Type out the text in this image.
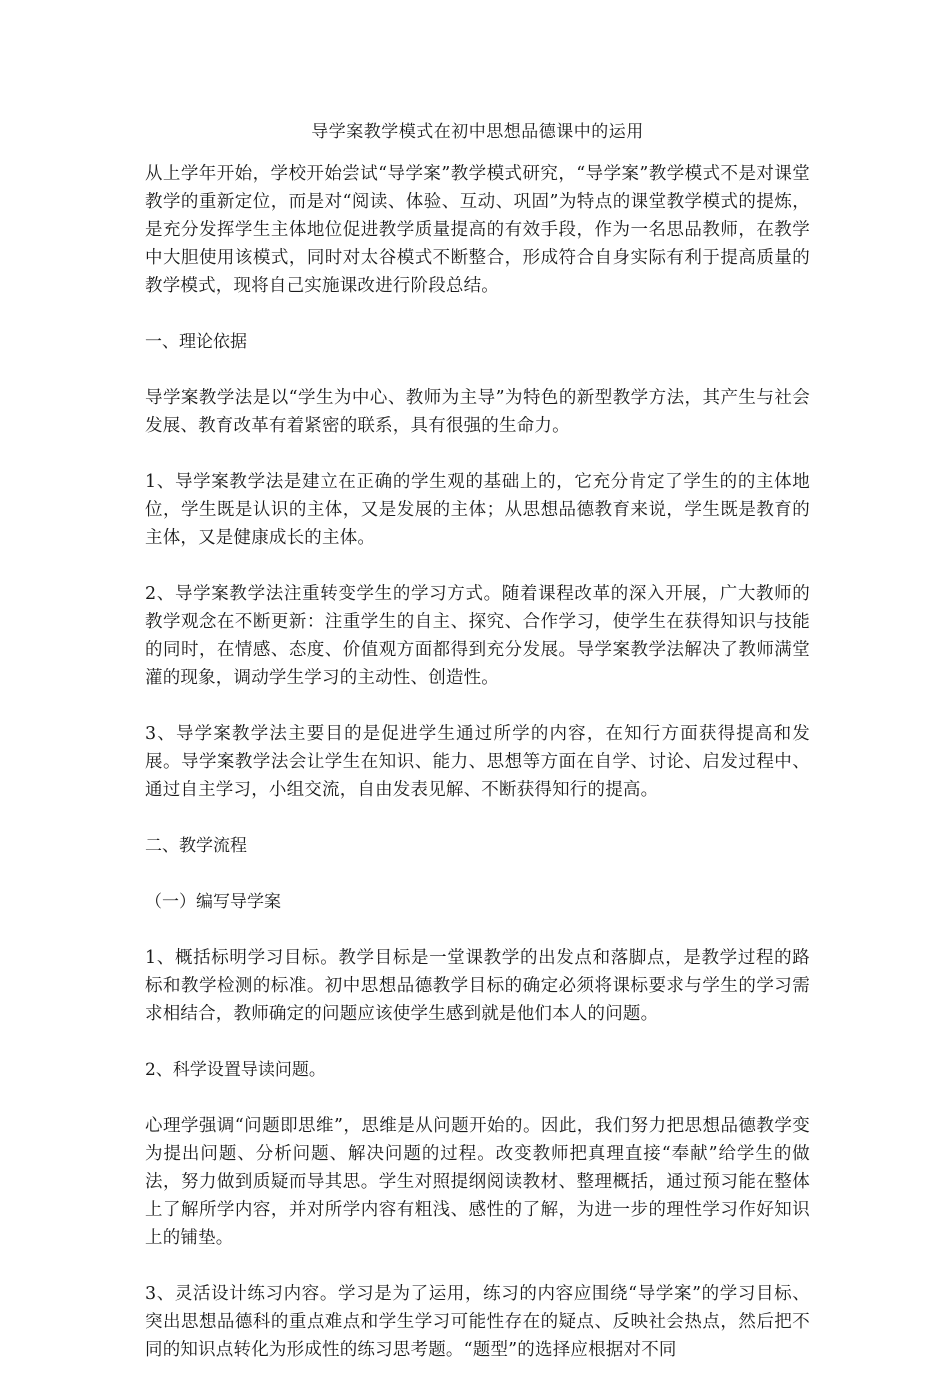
导学案教学模式在初中思想品德课中的运用
从上学年开始，学校开始尝试“导学案”教学模式研究，“导学案”教学模式不是对课堂教学的重新定位，而是对“阅读、体验、互动、巩固”为特点的课堂教学模式的提炼，是充分发挥学生主体地位促进教学质量提高的有效手段，作为一名思品教师，在教学中大胆使用该模式，同时对太谷模式不断整合，形成符合自身实际有利于提高质量的教学模式，现将自己实施课改进行阶段总结。
一、理论依据
导学案教学法是以“学生为中心、教师为主导”为特色的新型教学方法，其产生与社会发展、教育改革有着紧密的联系，具有很强的生命力。
1、导学案教学法是建立在正确的学生观的基础上的，它充分肯定了学生的的主体地位，学生既是认识的主体，又是发展的主体；从思想品德教育来说，学生既是教育的主体，又是健康成长的主体。
2、导学案教学法注重转变学生的学习方式。随着课程改革的深入开展，广大教师的教学观念在不断更新：注重学生的自主、探究、合作学习，使学生在获得知识与技能的同时，在情感、态度、价值观方面都得到充分发展。导学案教学法解决了教师满堂灌的现象，调动学生学习的主动性、创造性。
3、导学案教学法主要目的是促进学生通过所学的内容，在知行方面获得提高和发展。导学案教学法会让学生在知识、能力、思想等方面在自学、讨论、启发过程中、通过自主学习，小组交流，自由发表见解、不断获得知行的提高。
二、教学流程
（一）编写导学案
1、概括标明学习目标。教学目标是一堂课教学的出发点和落脚点，是教学过程的路标和教学检测的标准。初中思想品德教学目标的确定必须将课标要求与学生的学习需求相结合，教师确定的问题应该使学生感到就是他们本人的问题。
2、科学设置导读问题。
心理学强调“问题即思维”，思维是从问题开始的。因此，我们努力把思想品德教学变为提出问题、分析问题、解决问题的过程。改变教师把真理直接“奉献”给学生的做法，努力做到质疑而导其思。学生对照提纲阅读教材、整理概括，通过预习能在整体上了解所学内容，并对所学内容有粗浅、感性的了解，为进一步的理性学习作好知识上的铺垫。
3、灵活设计练习内容。学习是为了运用，练习的内容应围绕“导学案”的学习目标、突出思想品德科的重点难点和学生学习可能性存在的疑点、反映社会热点，然后把不同的知识点转化为形成性的练习思考题。“题型”的选择应根据对不同
